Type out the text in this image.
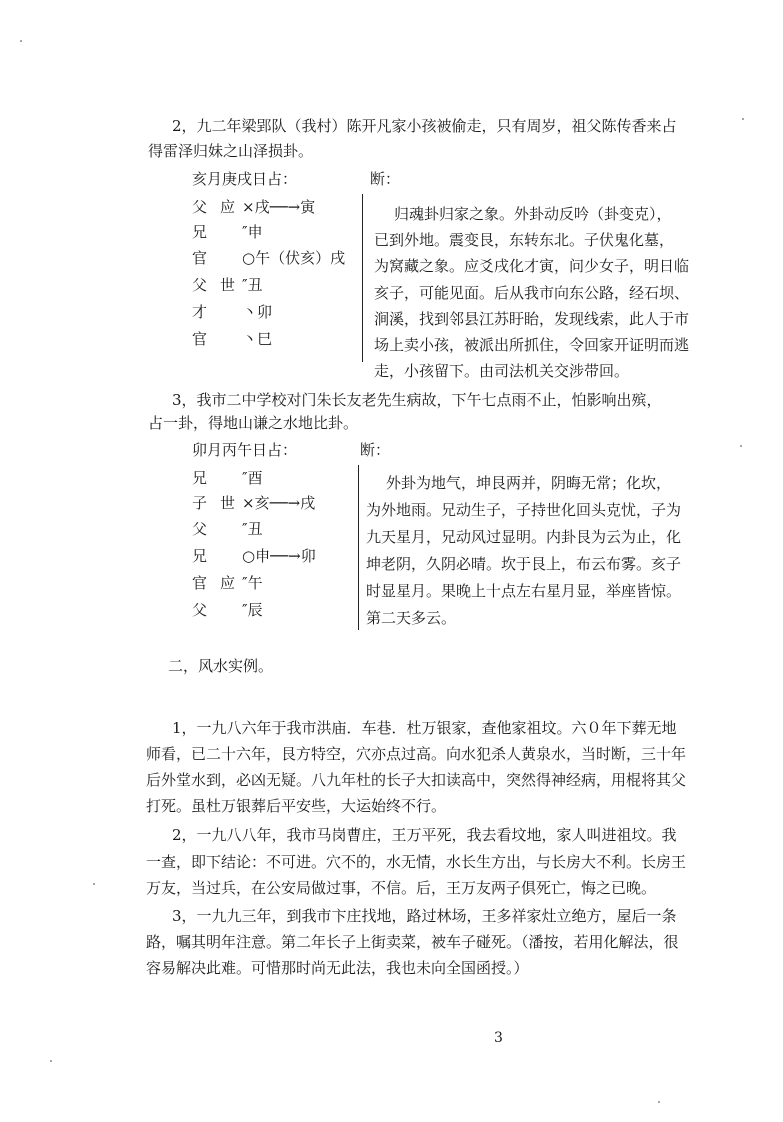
2，九二年梁郢队（我村）陈开凡家小孩被偷走，只有周岁，祖父陈传香来占
得雷泽归妹之山泽损卦。
亥月庚戌日占：	断：
父 应 ×戌──→寅
兄 ″申
官 ○午（伏亥）戌
父 世 ″丑
才 丶卯
官 丶巳
归魂卦归家之象。外卦动反吟（卦变克），
已到外地。震变艮，东转东北。子伏鬼化墓，
为窝藏之象。应爻戌化才寅，问少女子，明日临
亥子，可能见面。后从我市向东公路，经石坝、
涧溪，找到邻县江苏盱眙，发现线索，此人于市
场上卖小孩，被派出所抓住，令回家开证明而逃
走，小孩留下。由司法机关交涉带回。
3，我市二中学校对门朱长友老先生病故，下午七点雨不止，怕影响出殡，
占一卦，得地山谦之水地比卦。
卯月丙午日占：	断：
兄 ″酉
子 世 ×亥──→戌
父 ″丑
兄 ○申──→卯
官 应 ″午
父 ″辰
外卦为地气，坤艮两并，阴晦无常；化坎，
为外地雨。兄动生子，子持世化回头克忧，子为
九天星月，兄动风过显明。内卦艮为云为止，化
坤老阴，久阴必晴。坎于艮上，布云布雾。亥子
时显星月。果晚上十点左右星月显，举座皆惊。
第二天多云。
二，风水实例。
1，一九八六年于我市洪庙．车巷．杜万银家，查他家祖坟。六０年下葬无地
师看，已二十六年，艮方特空，穴亦点过高。向水犯杀人黄泉水，当时断，三十年
后外堂水到，必凶无疑。八九年杜的长子大扣读高中，突然得神经病，用棍将其父
打死。虽杜万银葬后平安些，大运始终不行。
2，一九八八年，我市马岗曹庄，王万平死，我去看坟地，家人叫进祖坟。我
一查，即下结论：不可进。穴不的，水无情，水长生方出，与长房大不利。长房王
万友，当过兵，在公安局做过事，不信。后，王万友两子俱死亡，悔之已晚。
3，一九九三年，到我市卞庄找地，路过林场，王多祥家灶立绝方，屋后一条
路，嘱其明年注意。第二年长子上街卖菜，被车子碰死。（潘按，若用化解法，很
容易解决此难。可惜那时尚无此法，我也未向全国函授。）
3
